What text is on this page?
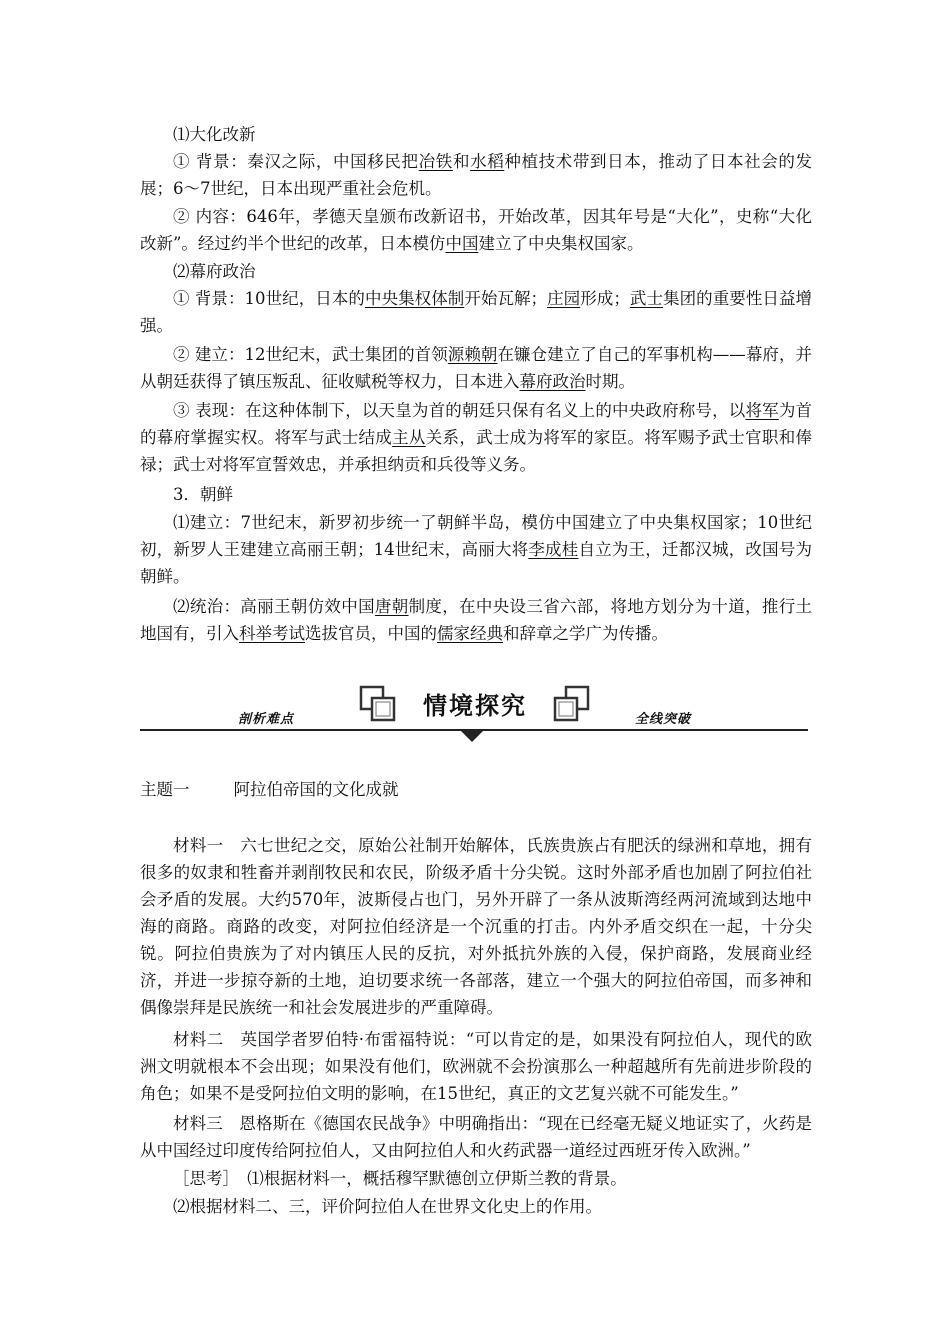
⑴大化改新

① 背景：秦汉之际，中国移民把冶铁和水稻种植技术带到日本，推动了日本社会的发展；6～7世纪，日本出现严重社会危机。

② 内容：646年，孝德天皇颁布改新诏书，开始改革，因其年号是“大化”，史称“大化改新”。经过约半个世纪的改革，日本模仿中国建立了中央集权国家。

⑵幕府政治

① 背景：10世纪，日本的中央集权体制开始瓦解；庄园形成；武士集团的重要性日益增强。

② 建立：12世纪末，武士集团的首领源赖朝在镰仓建立了自己的军事机构——幕府，并从朝廷获得了镇压叛乱、征收赋税等权力，日本进入幕府政治时期。

③ 表现：在这种体制下，以天皇为首的朝廷只保有名义上的中央政府称号，以将军为首的幕府掌握实权。将军与武士结成主从关系，武士成为将军的家臣。将军赐予武士官职和俸禄；武士对将军宣誓效忠，并承担纳贡和兵役等义务。

3．朝鲜

⑴建立：7世纪末，新罗初步统一了朝鲜半岛，模仿中国建立了中央集权国家；10世纪初，新罗人王建建立高丽王朝；14世纪末，高丽大将李成桂自立为王，迁都汉城，改国号为朝鲜。

⑵统治：高丽王朝仿效中国唐朝制度，在中央设三省六部，将地方划分为十道，推行土地国有，引入科举考试选拔官员，中国的儒家经典和辞章之学广为传播。

情境探究
剖析难点	全线突破
主题一	阿拉伯帝国的文化成就

材料一　六七世纪之交，原始公社制开始解体，氏族贵族占有肥沃的绿洲和草地，拥有很多的奴隶和牲畜并剥削牧民和农民，阶级矛盾十分尖锐。这时外部矛盾也加剧了阿拉伯社会矛盾的发展。大约570年，波斯侵占也门，另外开辟了一条从波斯湾经两河流域到达地中海的商路。商路的改变，对阿拉伯经济是一个沉重的打击。内外矛盾交织在一起，十分尖锐。阿拉伯贵族为了对内镇压人民的反抗，对外抵抗外族的入侵，保护商路，发展商业经济，并进一步掠夺新的土地，迫切要求统一各部落，建立一个强大的阿拉伯帝国，而多神和偶像崇拜是民族统一和社会发展进步的严重障碍。

材料二　英国学者罗伯特·布雷福特说：“可以肯定的是，如果没有阿拉伯人，现代的欧洲文明就根本不会出现；如果没有他们，欧洲就不会扮演那么一种超越所有先前进步阶段的角色；如果不是受阿拉伯文明的影响，在15世纪，真正的文艺复兴就不可能发生。”

材料三　恩格斯在《德国农民战争》中明确指出：“现在已经毫无疑义地证实了，火药是从中国经过印度传给阿拉伯人，又由阿拉伯人和火药武器一道经过西班牙传入欧洲。”

［思考］　⑴根据材料一，概括穆罕默德创立伊斯兰教的背景。

⑵根据材料二、三，评价阿拉伯人在世界文化史上的作用。
